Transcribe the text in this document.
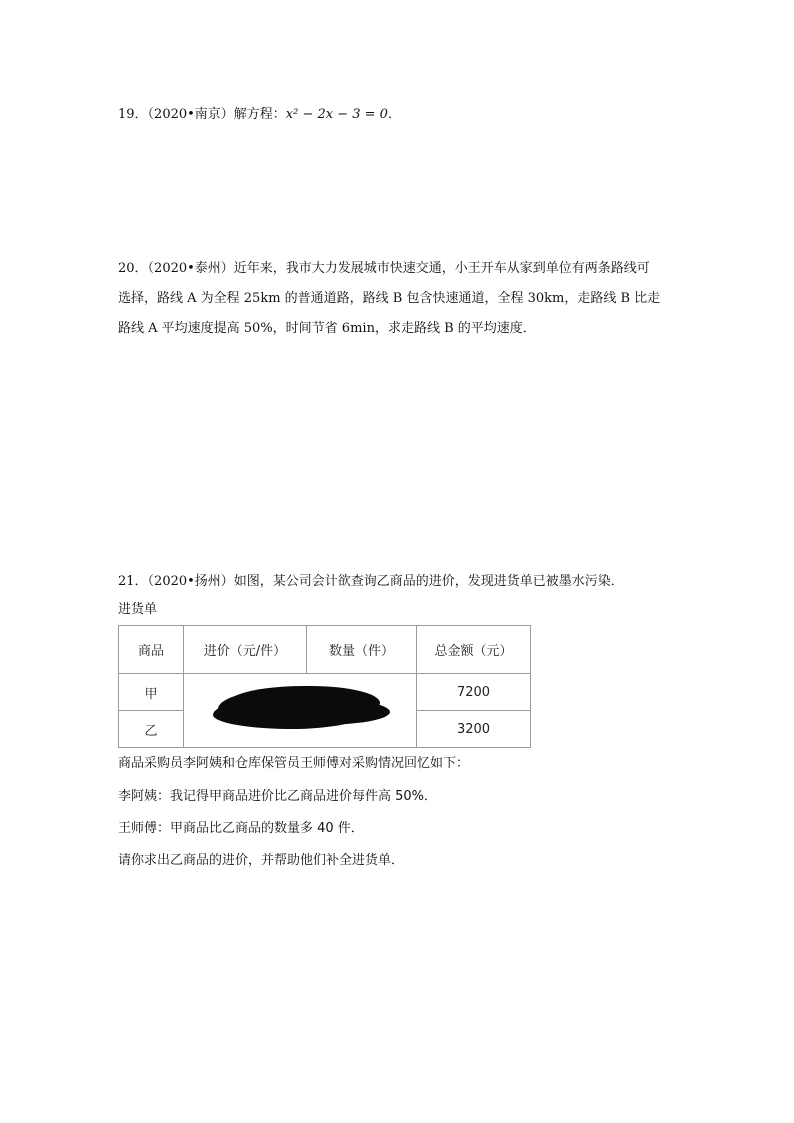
19．（2020•南京）解方程：x² − 2x − 3 = 0．
20．（2020•泰州）近年来，我市大力发展城市快速交通，小王开车从家到单位有两条路线可
选择，路线 A 为全程 25km 的普通道路，路线 B 包含快速通道，全程 30km，走路线 B 比走
路线 A 平均速度提高 50%，时间节省 6min，求走路线 B 的平均速度．
21．（2020•扬州）如图，某公司会计欲查询乙商品的进价，发现进货单已被墨水污染．
进货单
商品	进价（元/件）	数量（件）	总金额（元）
甲			7200
乙			3200
商品采购员李阿姨和仓库保管员王师傅对采购情况回忆如下：
李阿姨：我记得甲商品进价比乙商品进价每件高 50%．
王师傅：甲商品比乙商品的数量多 40 件．
请你求出乙商品的进价，并帮助他们补全进货单．
